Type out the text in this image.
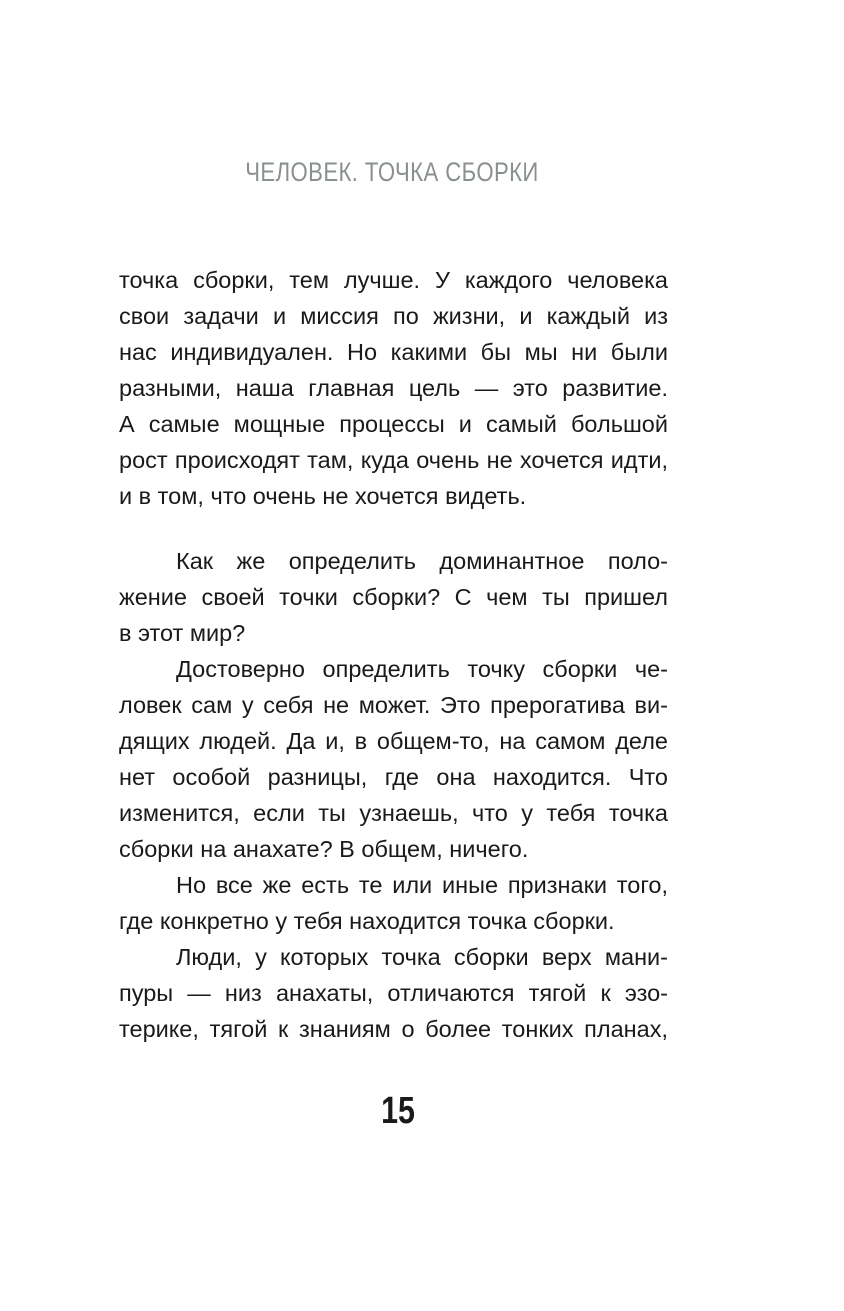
ЧЕЛОВЕК. ТОЧКА СБОРКИ
точка сборки, тем лучше. У каждого человека
свои задачи и миссия по жизни, и каждый из
нас индивидуален. Но какими бы мы ни были
разными, наша главная цель — это развитие.
А самые мощные процессы и самый большой
рост происходят там, куда очень не хочется идти,
и в том, что очень не хочется видеть.
Как же определить доминантное поло-
жение своей точки сборки? С чем ты пришел
в этот мир?
Достоверно определить точку сборки че-
ловек сам у себя не может. Это прерогатива ви-
дящих людей. Да и, в общем-то, на самом деле
нет особой разницы, где она находится. Что
изменится, если ты узнаешь, что у тебя точка
сборки на анахате? В общем, ничего.
Но все же есть те или иные признаки того,
где конкретно у тебя находится точка сборки.
Люди, у которых точка сборки верх мани-
пуры — низ анахаты, отличаются тягой к эзо-
терике, тягой к знаниям о более тонких планах,
15
